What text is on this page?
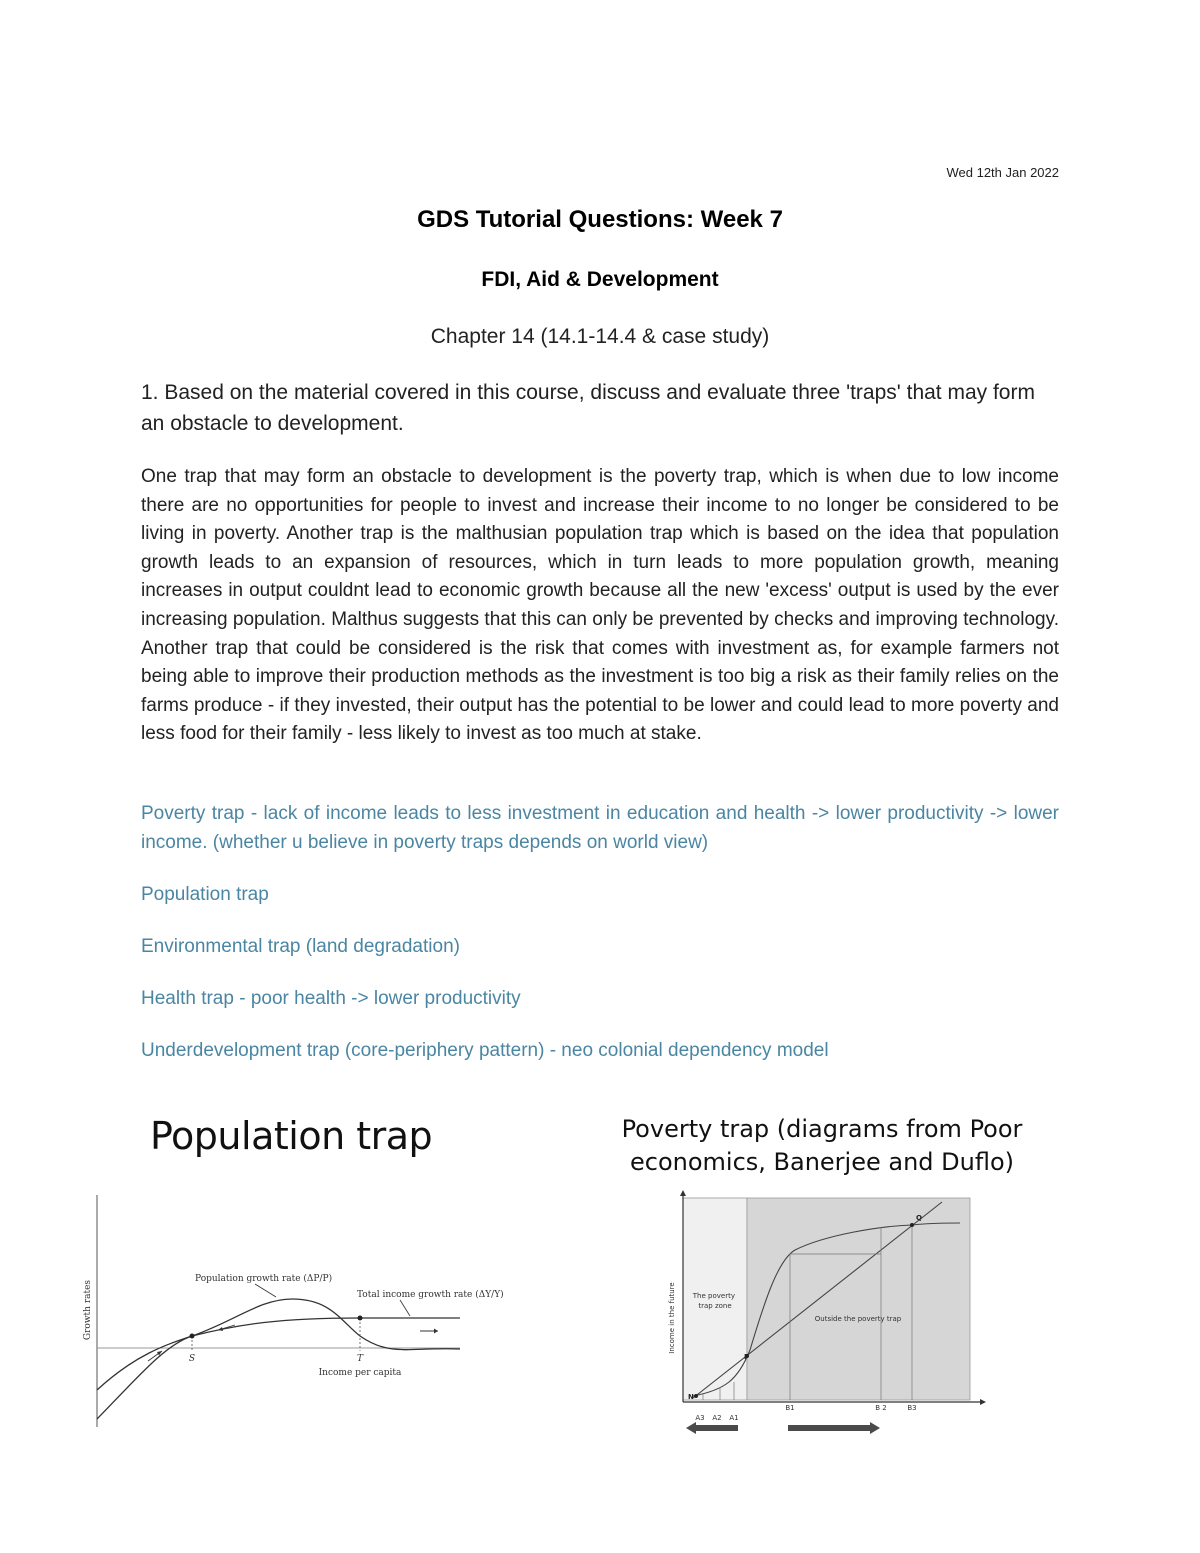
Wed 12th Jan 2022
GDS Tutorial Questions: Week 7
FDI, Aid & Development
Chapter 14 (14.1-14.4 & case study)
1. Based on the material covered in this course, discuss and evaluate three 'traps' that may form an obstacle to development.
One trap that may form an obstacle to development is the poverty trap, which is when due to low income there are no opportunities for people to invest and increase their income to no longer be considered to be living in poverty. Another trap is the malthusian population trap which is based on the idea that population growth leads to an expansion of resources, which in turn leads to more population growth, meaning increases in output couldnt lead to economic growth because all the new 'excess' output is used by the ever increasing population. Malthus suggests that this can only be prevented by checks and improving technology. Another trap that could be considered is the risk that comes with investment as, for example farmers not being able to improve their production methods as the investment is too big a risk as their family relies on the farms produce - if they invested, their output has the potential to be lower and could lead to more poverty and less food for their family - less likely to invest as too much at stake.
Poverty trap - lack of income leads to less investment in education and health -> lower productivity -> lower income. (whether u believe in poverty traps depends on world view)
Population trap
Environmental trap (land degradation)
Health trap - poor health -> lower productivity
Underdevelopment trap (core-periphery pattern) - neo colonial dependency model
Population trap
Growth rates
Income per capita
S	T
Population growth rate (ΔP/P)
Total income growth rate (ΔY/Y)
Poverty trap (diagrams from Poor economics, Banerjee and Duflo)
N
P
Q
Income in the future The poverty trap zone
Outside the poverty trap
A3 A2 A1
B1	B 2	B3
